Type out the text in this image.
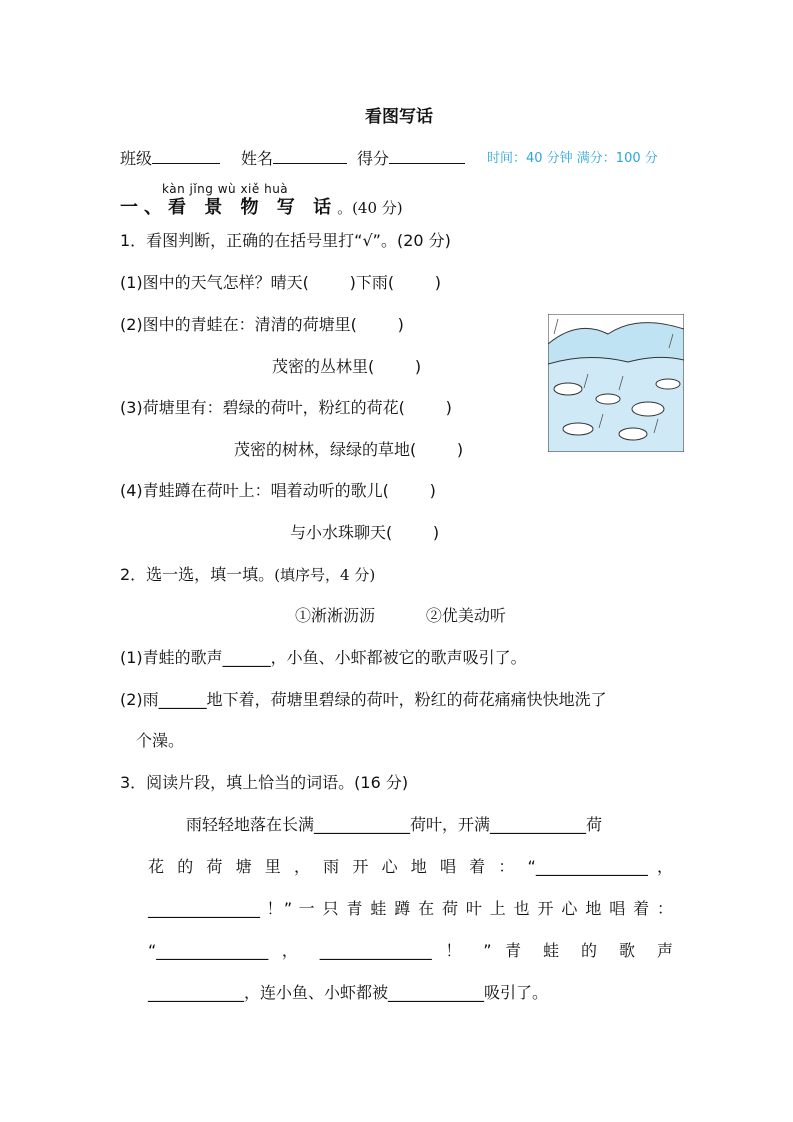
看图写话
班级	姓名	得分	时间：40 分钟 满分：100 分
kàn jǐng wù xiě huà
一、看 景 物 写 话。(40 分)
1．看图判断，正确的在括号里打“√”。(20 分)
(1)图中的天气怎样？晴天(        )下雨(        )
(2)图中的青蛙在：清清的荷塘里(        )
茂密的丛林里(        )
(3)荷塘里有：碧绿的荷叶，粉红的荷花(        )
茂密的树林，绿绿的草地(        )
(4)青蛙蹲在荷叶上：唱着动听的歌儿(        )
与小水珠聊天(        )
2．选一选，填一填。(填序号，4 分)
①淅淅沥沥          ②优美动听
(1)青蛙的歌声______，小鱼、小虾都被它的歌声吸引了。
(2)雨______地下着，荷塘里碧绿的荷叶，粉红的荷花痛痛快快地洗了
个澡。
3．阅读片段，填上恰当的词语。(16 分)
雨轻轻地落在长满____________荷叶，开满____________荷
花 的 荷 塘 里 ， 雨 开 心 地 唱 着 ： “______________ ，
______________ ！” 一 只 青 蛙 蹲 在 荷 叶 上 也 开 心 地 唱 着 ：
“______________ ， ______________ ！ ” 青 蛙 的 歌 声
____________，连小鱼、小虾都被____________吸引了。
